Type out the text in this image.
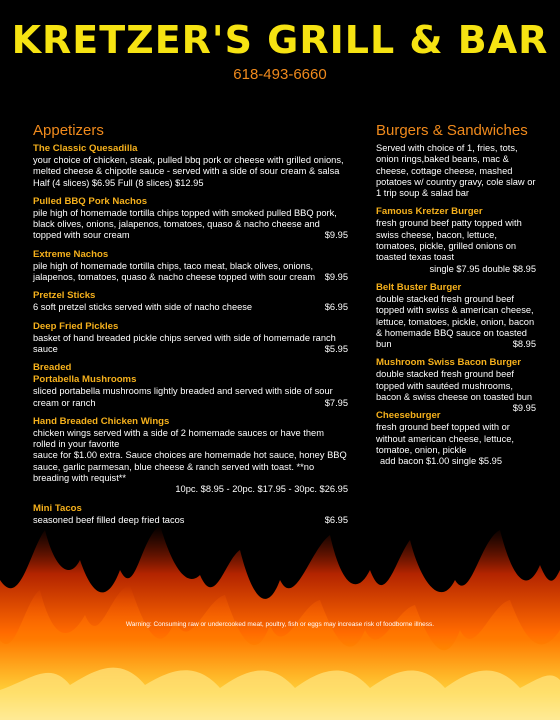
KRETZER'S GRILL & BAR
618-493-6660
Appetizers
The Classic Quesadilla
your choice of chicken, steak, pulled bbq pork or cheese with grilled onions, melted cheese & chipotle sauce - served with a side of sour cream & salsa Half (4 slices) $6.95 Full (8 slices) $12.95
Pulled BBQ Pork Nachos
pile high of homemade tortilla chips topped with smoked pulled BBQ pork, black olives, onions, jalapenos, tomatoes, quaso & nacho cheese and topped with sour cream	$9.95
Extreme Nachos
pile high of homemade tortilla chips, taco meat, black olives, onions, jalapenos, tomatoes, quaso & nacho cheese topped with sour cream $9.95
Pretzel Sticks
6 soft pretzel sticks served with side of nacho cheese	$6.95
Deep Fried Pickles
basket of hand breaded pickle chips served with side of homemade ranch sauce	$5.95
Breaded
Portabella Mushrooms
sliced portabella mushrooms lightly breaded and served with side of sour cream or ranch	$7.95
Hand Breaded Chicken Wings
chicken wings served with a side of 2 homemade sauces or have them rolled in your favorite
sauce for $1.00 extra. Sauce choices are homemade hot sauce, honey BBQ sauce, garlic parmesan, blue cheese & ranch served with toast. **no breading with requist**
10pc. $8.95 - 20pc. $17.95 - 30pc. $26.95
Mini Tacos
seasoned beef filled deep fried tacos	$6.95
Burgers & Sandwiches
Served with choice of 1, fries, tots, onion rings,baked beans, mac & cheese, cottage cheese, mashed potatoes w/ country gravy, cole slaw or 1 trip soup & salad bar
Famous Kretzer Burger
fresh ground beef patty topped with swiss cheese, bacon, lettuce, tomatoes, pickle, grilled onions on toasted texas toast
single $7.95 double $8.95
Belt Buster Burger
double stacked fresh ground beef topped with swiss & american cheese, lettuce, tomatoes, pickle, onion, bacon & homemade BBQ sauce on toasted bun	$8.95
Mushroom Swiss Bacon Burger
double stacked fresh ground beef topped with sautéed mushrooms, bacon & swiss cheese on toasted bun
$9.95
Cheeseburger
fresh ground beef topped with or without american cheese, lettuce, tomatoe, onion, pickle
add bacon $1.00 single $5.95
Warning: Consuming raw or undercooked meat, poultry, fish or eggs may increase risk of foodborne illness.
